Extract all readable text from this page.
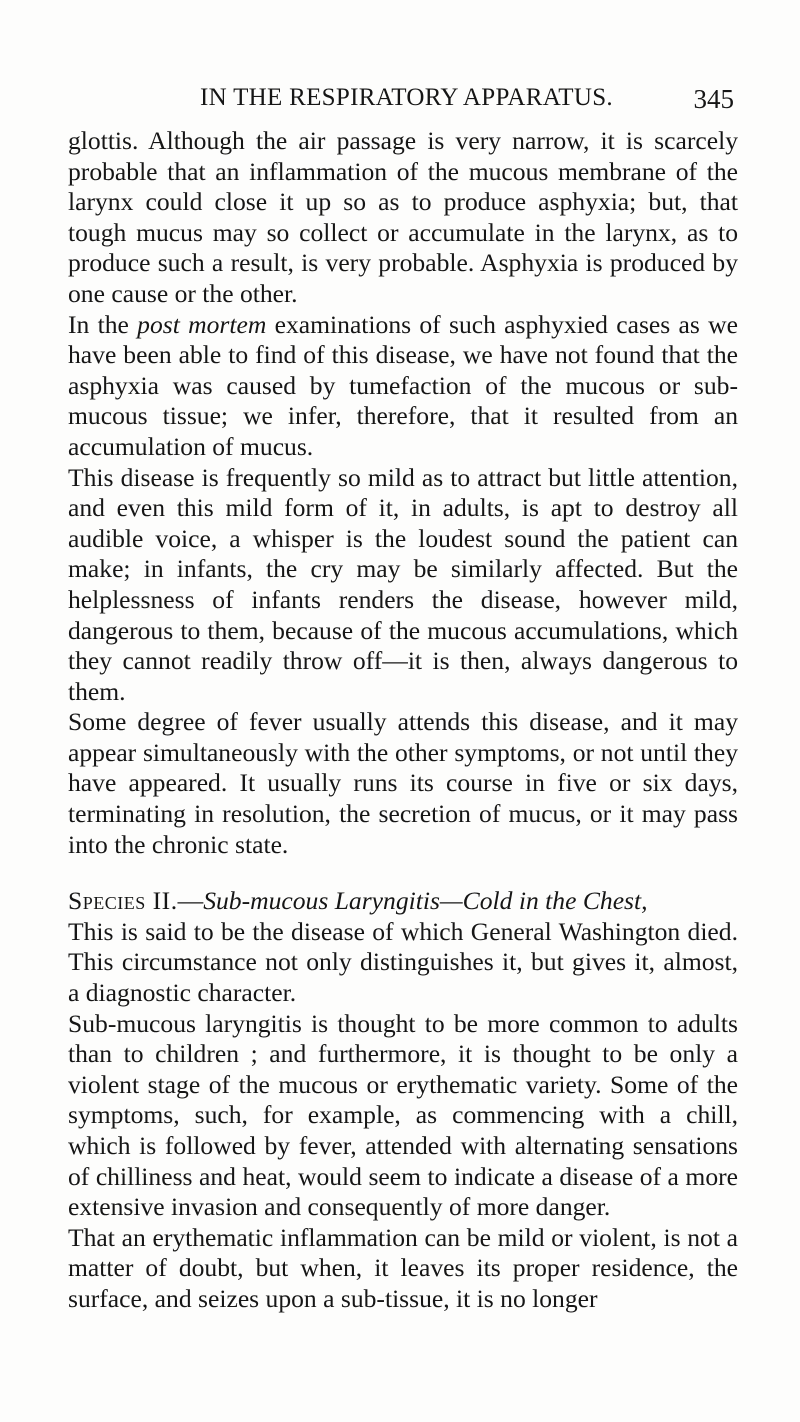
IN THE RESPIRATORY APPARATUS.	345

glottis. Although the air passage is very narrow, it is scarcely probable that an inflammation of the mucous membrane of the larynx could close it up so as to produce asphyxia; but, that tough mucus may so collect or accumulate in the larynx, as to produce such a result, is very probable. Asphyxia is produced by one cause or the other.

In the post mortem examinations of such asphyxied cases as we have been able to find of this disease, we have not found that the asphyxia was caused by tumefaction of the mucous or sub-mucous tissue; we infer, therefore, that it resulted from an accumulation of mucus.

This disease is frequently so mild as to attract but little attention, and even this mild form of it, in adults, is apt to destroy all audible voice, a whisper is the loudest sound the patient can make; in infants, the cry may be similarly affected. But the helplessness of infants renders the disease, however mild, dangerous to them, because of the mucous accumulations, which they cannot readily throw off—it is then, always dangerous to them.

Some degree of fever usually attends this disease, and it may appear simultaneously with the other symptoms, or not until they have appeared. It usually runs its course in five or six days, terminating in resolution, the secretion of mucus, or it may pass into the chronic state.

Species II.—Sub-mucous Laryngitis—Cold in the Chest,

This is said to be the disease of which General Washington died. This circumstance not only distinguishes it, but gives it, almost, a diagnostic character.

Sub-mucous laryngitis is thought to be more common to adults than to children ; and furthermore, it is thought to be only a violent stage of the mucous or erythematic variety. Some of the symptoms, such, for example, as commencing with a chill, which is followed by fever, attended with alternating sensations of chilliness and heat, would seem to indicate a disease of a more extensive invasion and consequently of more danger.

That an erythematic inflammation can be mild or violent, is not a matter of doubt, but when, it leaves its proper residence, the surface, and seizes upon a sub-tissue, it is no longer
